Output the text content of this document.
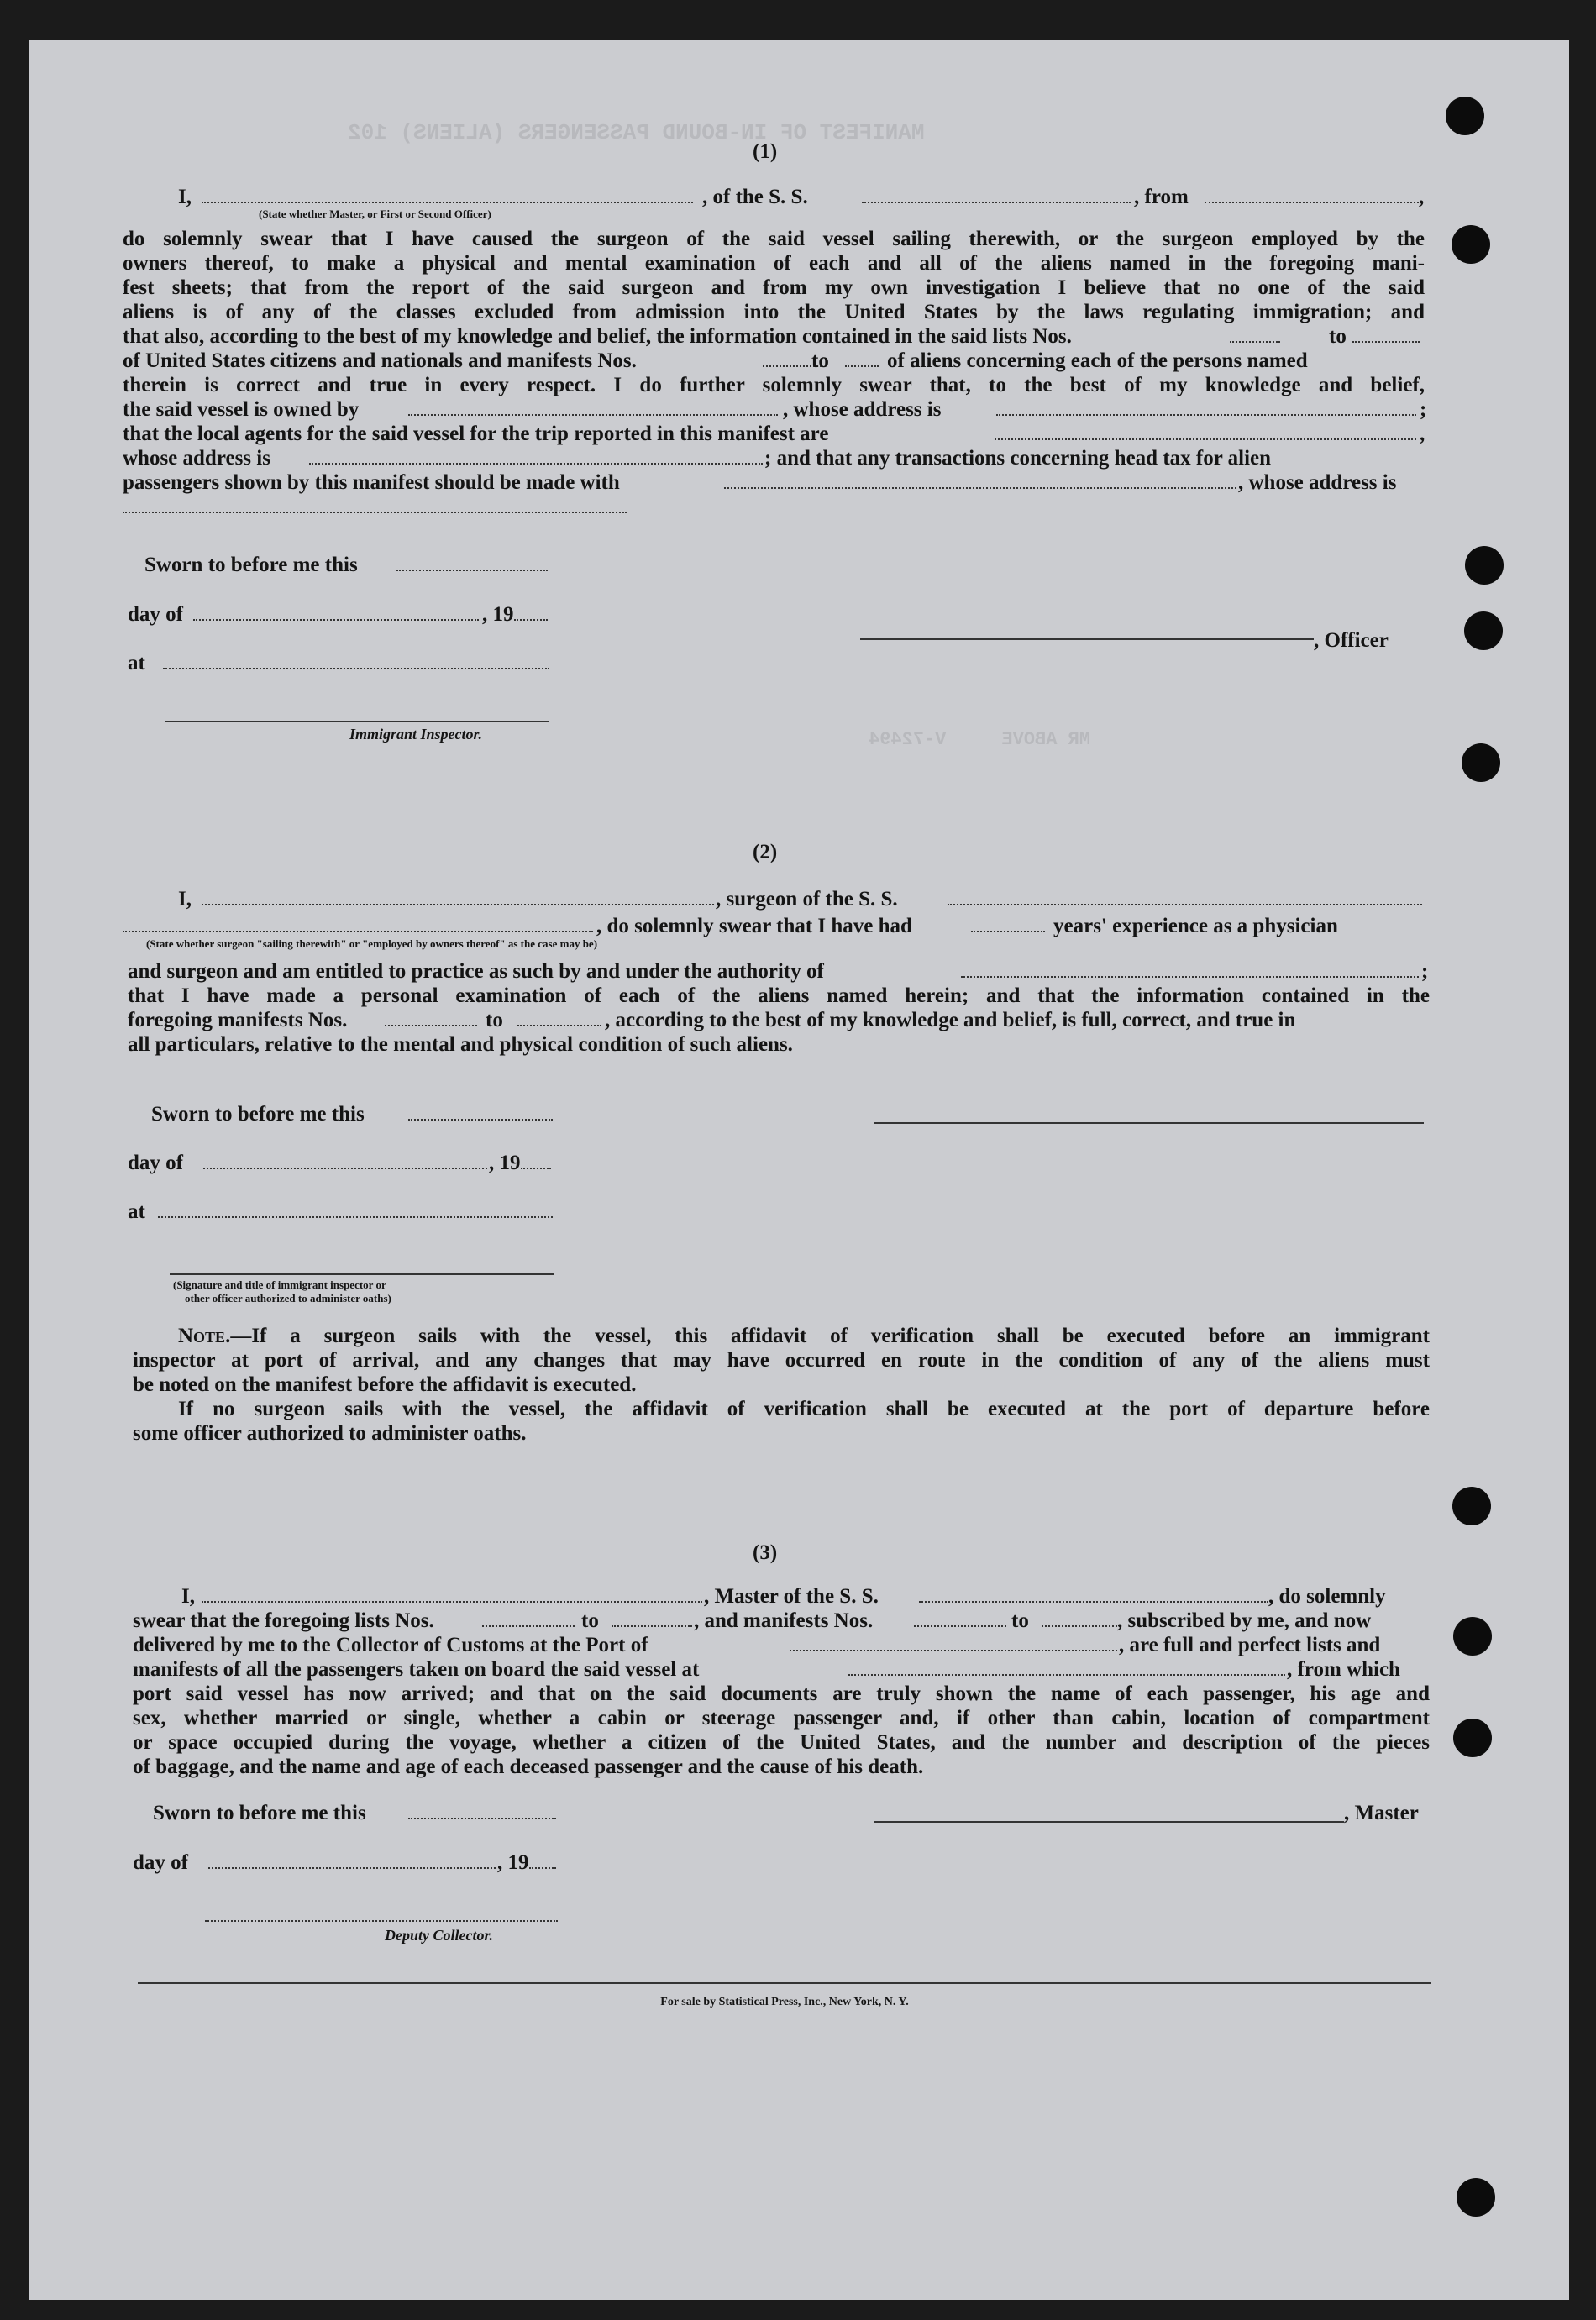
MANIFEST OF IN-BOUND PASSENGERS (ALIENS) 102
MR ABOVE     V-72494
(1)
I,	, of the S. S.	, from	,
(State whether Master, or First or Second Officer)
do solemnly swear that I have caused the surgeon of the said vessel sailing therewith, or the surgeon employed by the
owners thereof, to make a physical and mental examination of each and all of the aliens named in the foregoing mani-
fest sheets; that from the report of the said surgeon and from my own investigation I believe that no one of the said
aliens is of any of the classes excluded from admission into the United States by the laws regulating immigration; and
that also, according to the best of my knowledge and belief, the information contained in the said lists Nos.	to
of United States citizens and nationals and manifests Nos.	to	of aliens concerning each of the persons named
therein is correct and true in every respect. I do further solemnly swear that, to the best of my knowledge and belief,
the said vessel is owned by	, whose address is	;
that the local agents for the said vessel for the trip reported in this manifest are	,
whose address is	; and that any transactions concerning head tax for alien
passengers shown by this manifest should be made with	, whose address is
Sworn to before me this
day of	, 19
at
, Officer
Immigrant Inspector.
(2)
I,	, surgeon of the S. S.
, do solemnly swear that I have had	years' experience as a physician
(State whether surgeon "sailing therewith" or "employed by owners thereof" as the case may be)
and surgeon and am entitled to practice as such by and under the authority of	;
that I have made a personal examination of each of the aliens named herein; and that the information contained in the
foregoing manifests Nos.	to	, according to the best of my knowledge and belief, is full, correct, and true in
all particulars, relative to the mental and physical condition of such aliens.
Sworn to before me this
day of	, 19
at
(Signature and title of immigrant inspector or
other officer authorized to administer oaths)
Note.—If a surgeon sails with the vessel, this affidavit of verification shall be executed before an immigrant
inspector at port of arrival, and any changes that may have occurred en route in the condition of any of the aliens must
be noted on the manifest before the affidavit is executed.
If no surgeon sails with the vessel, the affidavit of verification shall be executed at the port of departure before
some officer authorized to administer oaths.
(3)
I,	, Master of the S. S.	, do solemnly
swear that the foregoing lists Nos.	to	, and manifests Nos.	to	, subscribed by me, and now
delivered by me to the Collector of Customs at the Port of	, are full and perfect lists and
manifests of all the passengers taken on board the said vessel at	, from which
port said vessel has now arrived; and that on the said documents are truly shown the name of each passenger, his age and
sex, whether married or single, whether a cabin or steerage passenger and, if other than cabin, location of compartment
or space occupied during the voyage, whether a citizen of the United States, and the number and description of the pieces
of baggage, and the name and age of each deceased passenger and the cause of his death.
Sworn to before me this	, Master
day of	, 19
Deputy Collector.
For sale by Statistical Press, Inc., New York, N. Y.
